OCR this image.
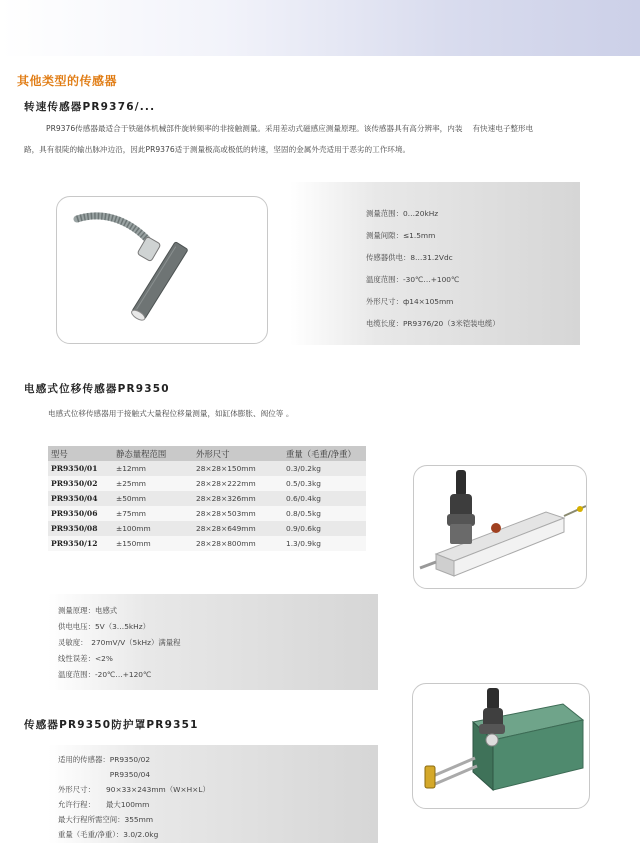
其他类型的传感器
转速传感器PR9376/...
PR9376传感器最适合于铁磁体机械部件旋转频率的非接触测量。采用差动式磁感应测量原理。该传感器具有高分辨率，内装　 有快速电子整形电
路，具有很陡的输出脉冲边沿，因此PR9376适于测量极高或极低的转速，坚固的金属外壳适用于恶劣的工作环境。
测量范围：0…20kHz
测量间隙：≤1.5mm
传感器供电：8…31.2Vdc
温度范围：-30℃…+100℃
外形尺寸：ф14×105mm
电缆长度：PR9376/20（3米铠装电缆）
电感式位移传感器PR9350
电感式位移传感器用于接触式大量程位移量测量，如缸体膨胀、阀位等 。
型号	静态量程范围	外形尺寸	重量（毛重/净重）
PR9350/01	±12mm	28×28×150mm	0.3/0.2kg
PR9350/02	±25mm	28×28×222mm	0.5/0.3kg
PR9350/04	±50mm	28×28×326mm	0.6/0.4kg
PR9350/06	±75mm	28×28×503mm	0.8/0.5kg
PR9350/08	±100mm	28×28×649mm	0.9/0.6kg
PR9350/12	±150mm	28×28×800mm	1.3/0.9kg
测量原理：电感式
供电电压：5V（3…5kHz）
灵敏度：　270mV/V（5kHz）满量程
线性误差：<2%
温度范围：-20℃…+120℃
传感器PR9350防护罩PR9351
适用的传感器：PR9350/02
　　　　　　　PR9350/04
外形尺寸：　　90×33×243mm（W×H×L）
允许行程：　　最大100mm
最大行程所需空间：355mm
重量（毛重/净重）：3.0/2.0kg
